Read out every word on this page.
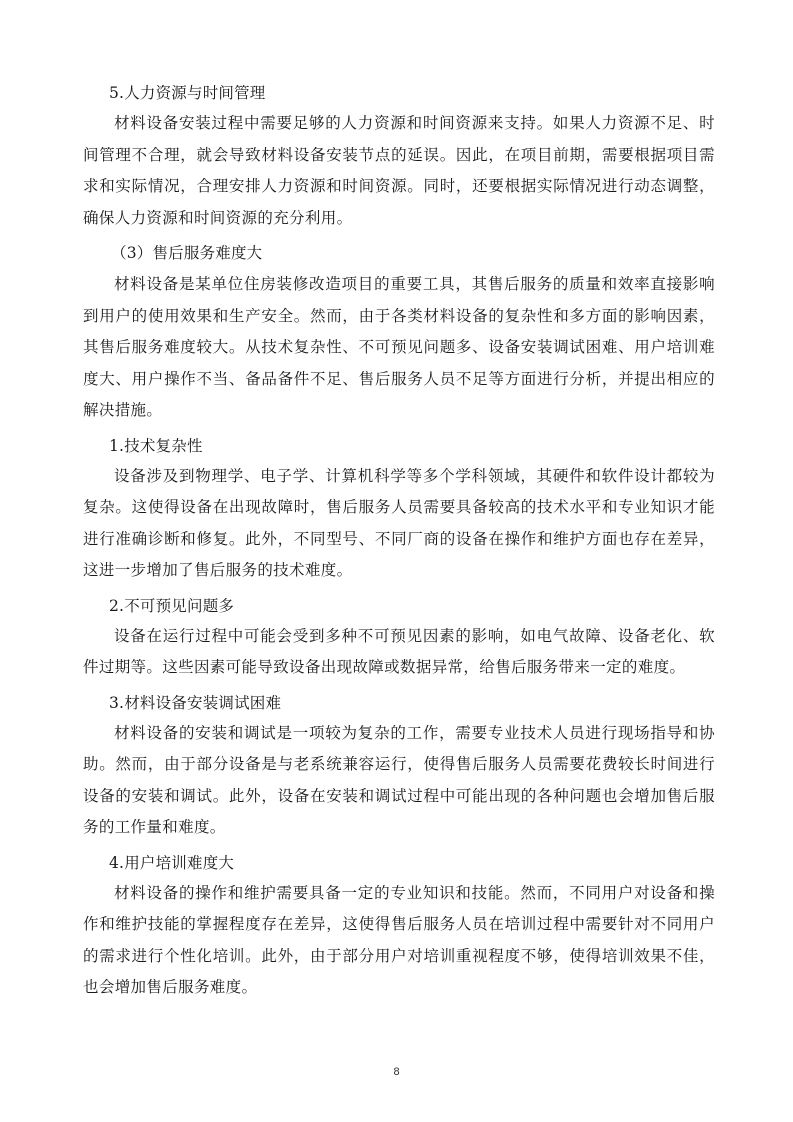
5.人力资源与时间管理

材料设备安装过程中需要足够的人力资源和时间资源来支持。如果人力资源不足、时间管理不合理，就会导致材料设备安装节点的延误。因此，在项目前期，需要根据项目需求和实际情况，合理安排人力资源和时间资源。同时，还要根据实际情况进行动态调整，确保人力资源和时间资源的充分利用。

（3）售后服务难度大

材料设备是某单位住房装修改造项目的重要工具，其售后服务的质量和效率直接影响到用户的使用效果和生产安全。然而，由于各类材料设备的复杂性和多方面的影响因素，其售后服务难度较大。从技术复杂性、不可预见问题多、设备安装调试困难、用户培训难度大、用户操作不当、备品备件不足、售后服务人员不足等方面进行分析，并提出相应的解决措施。

1.技术复杂性

设备涉及到物理学、电子学、计算机科学等多个学科领域，其硬件和软件设计都较为复杂。这使得设备在出现故障时，售后服务人员需要具备较高的技术水平和专业知识才能进行准确诊断和修复。此外，不同型号、不同厂商的设备在操作和维护方面也存在差异，这进一步增加了售后服务的技术难度。

2.不可预见问题多

设备在运行过程中可能会受到多种不可预见因素的影响，如电气故障、设备老化、软件过期等。这些因素可能导致设备出现故障或数据异常，给售后服务带来一定的难度。

3.材料设备安装调试困难

材料设备的安装和调试是一项较为复杂的工作，需要专业技术人员进行现场指导和协助。然而，由于部分设备是与老系统兼容运行，使得售后服务人员需要花费较长时间进行设备的安装和调试。此外，设备在安装和调试过程中可能出现的各种问题也会增加售后服务的工作量和难度。

4.用户培训难度大

材料设备的操作和维护需要具备一定的专业知识和技能。然而，不同用户对设备和操作和维护技能的掌握程度存在差异，这使得售后服务人员在培训过程中需要针对不同用户的需求进行个性化培训。此外，由于部分用户对培训重视程度不够，使得培训效果不佳，也会增加售后服务难度。

8
